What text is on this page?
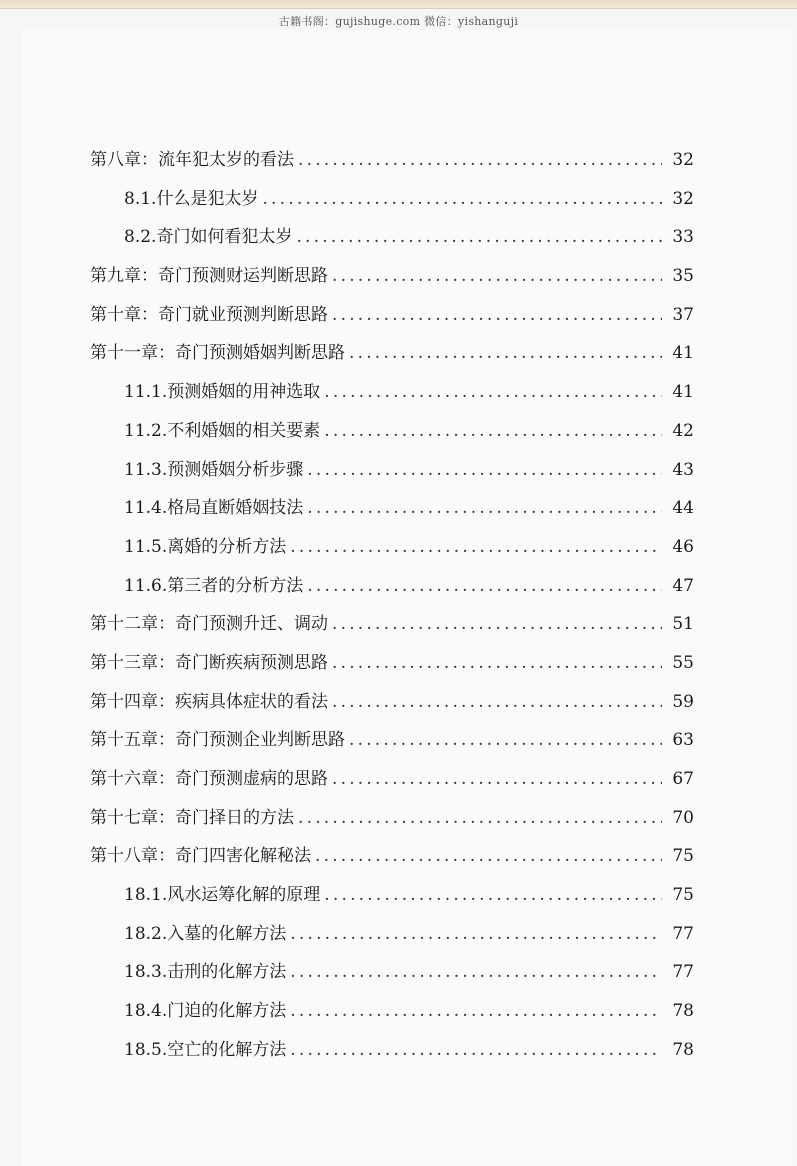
古籍书阁：gujishuge.com 微信：yishanguji
第八章：流年犯太岁的看法 .....	32
8.1.什么是犯太岁 .....	32
8.2.奇门如何看犯太岁 .....	33
第九章：奇门预测财运判断思路 .....	35
第十章：奇门就业预测判断思路 .....	37
第十一章：奇门预测婚姻判断思路 .....	41
11.1.预测婚姻的用神选取 .....	41
11.2.不利婚姻的相关要素 .....	42
11.3.预测婚姻分析步骤 .....	43
11.4.格局直断婚姻技法 .....	44
11.5.离婚的分析方法 .....	46
11.6.第三者的分析方法 .....	47
第十二章：奇门预测升迁、调动 .....	51
第十三章：奇门断疾病预测思路 .....	55
第十四章：疾病具体症状的看法 .....	59
第十五章：奇门预测企业判断思路 .....	63
第十六章：奇门预测虚病的思路 .....	67
第十七章：奇门择日的方法 .....	70
第十八章：奇门四害化解秘法 .....	75
18.1.风水运筹化解的原理 .....	75
18.2.入墓的化解方法 .....	77
18.3.击刑的化解方法 .....	77
18.4.门迫的化解方法 .....	78
18.5.空亡的化解方法 .....	78
